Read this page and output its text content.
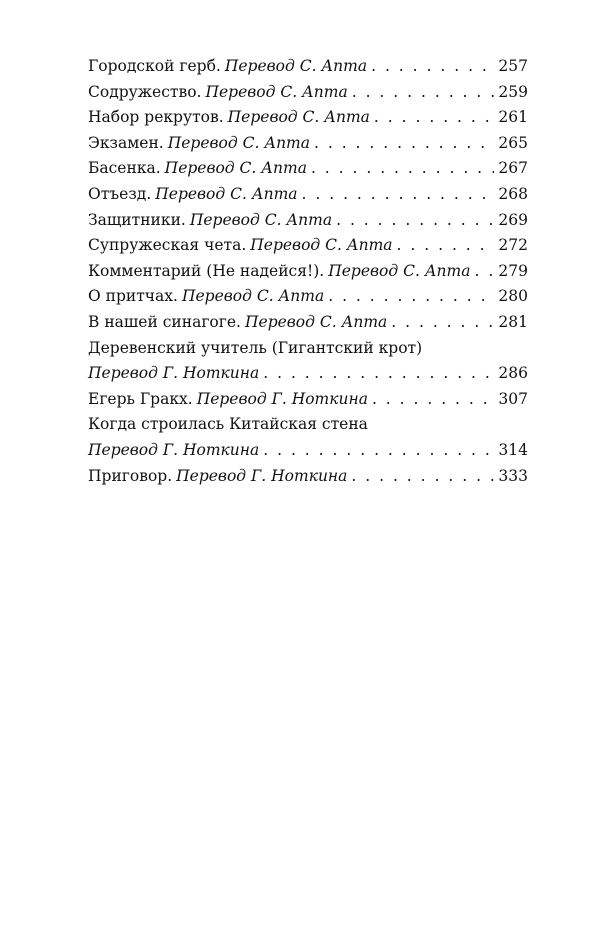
Городской герб. Перевод С. Апта . . .	257
Содружество. Перевод С. Апта . . .	259
Набор рекрутов. Перевод С. Апта . . .	261
Экзамен. Перевод С. Апта . . .	265
Басенка. Перевод С. Апта . . .	267
Отъезд. Перевод С. Апта . . .	268
Защитники. Перевод С. Апта . . .	269
Супружеская чета. Перевод С. Апта . . .	272
Комментарий (Не надейся!). Перевод С. Апта . . . 279
О притчах. Перевод С. Апта . . .	280
В нашей синагоге. Перевод С. Апта . . .	281
Деревенский учитель (Гигантский крот)
Перевод Г. Ноткина . . .	286
Егерь Гракх. Перевод Г. Ноткина . . .	307
Когда строилась Китайская стена
Перевод Г. Ноткина . . .	314
Приговор. Перевод Г. Ноткина . . .	333
